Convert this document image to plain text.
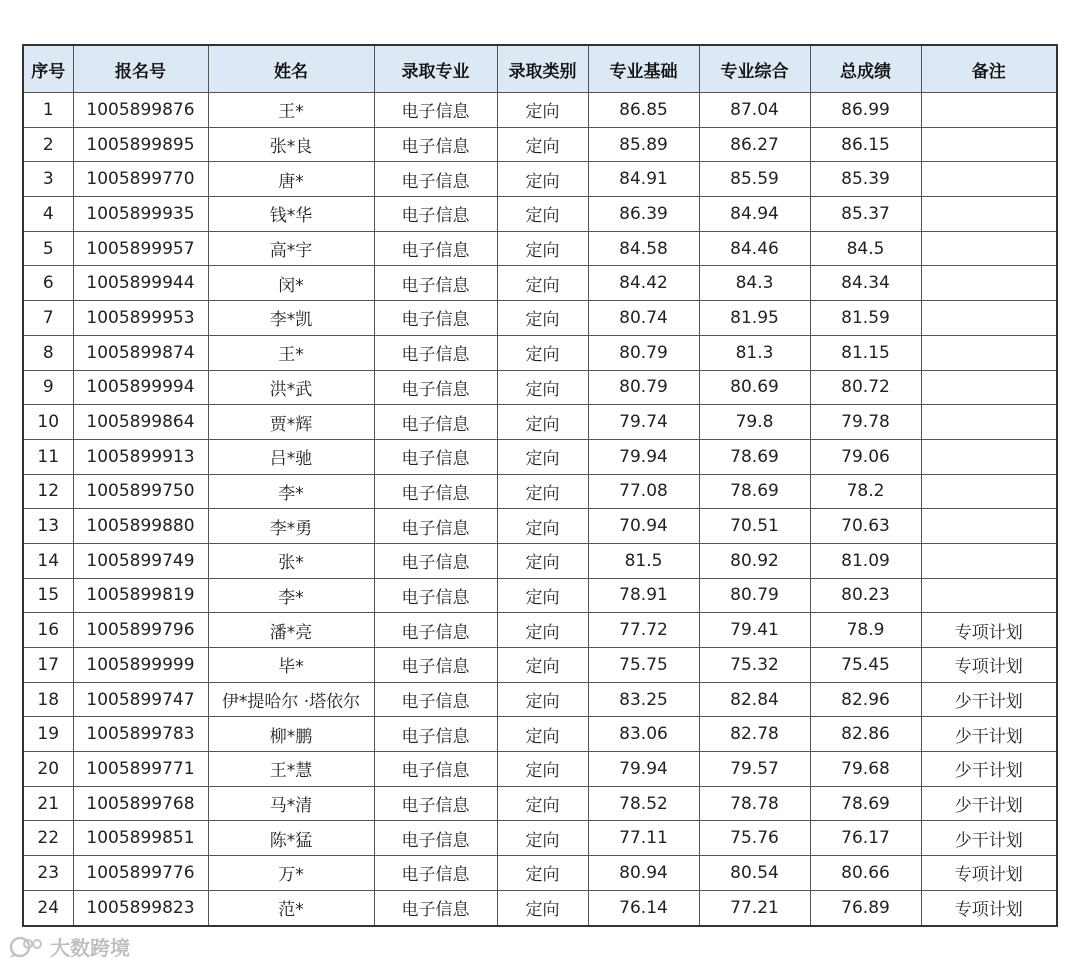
序号	报名号	姓名	录取专业	录取类别	专业基础	专业综合	总成绩	备注
1	1005899876	王*	电子信息	定向	86.85	87.04	86.99	
2	1005899895	张*良	电子信息	定向	85.89	86.27	86.15	
3	1005899770	唐*	电子信息	定向	84.91	85.59	85.39	
4	1005899935	钱*华	电子信息	定向	86.39	84.94	85.37	
5	1005899957	高*宇	电子信息	定向	84.58	84.46	84.5	
6	1005899944	闵*	电子信息	定向	84.42	84.3	84.34	
7	1005899953	李*凯	电子信息	定向	80.74	81.95	81.59	
8	1005899874	王*	电子信息	定向	80.79	81.3	81.15	
9	1005899994	洪*武	电子信息	定向	80.79	80.69	80.72	
10	1005899864	贾*辉	电子信息	定向	79.74	79.8	79.78	
11	1005899913	吕*驰	电子信息	定向	79.94	78.69	79.06	
12	1005899750	李*	电子信息	定向	77.08	78.69	78.2	
13	1005899880	李*勇	电子信息	定向	70.94	70.51	70.63	
14	1005899749	张*	电子信息	定向	81.5	80.92	81.09	
15	1005899819	李*	电子信息	定向	78.91	80.79	80.23	
16	1005899796	潘*亮	电子信息	定向	77.72	79.41	78.9	专项计划
17	1005899999	毕*	电子信息	定向	75.75	75.32	75.45	专项计划
18	1005899747	伊*提哈尔 ·塔依尔	电子信息	定向	83.25	82.84	82.96	少干计划
19	1005899783	柳*鹏	电子信息	定向	83.06	82.78	82.86	少干计划
20	1005899771	王*慧	电子信息	定向	79.94	79.57	79.68	少干计划
21	1005899768	马*清	电子信息	定向	78.52	78.78	78.69	少干计划
22	1005899851	陈*猛	电子信息	定向	77.11	75.76	76.17	少干计划
23	1005899776	万*	电子信息	定向	80.94	80.54	80.66	专项计划
24	1005899823	范*	电子信息	定向	76.14	77.21	76.89	专项计划
大数跨境
